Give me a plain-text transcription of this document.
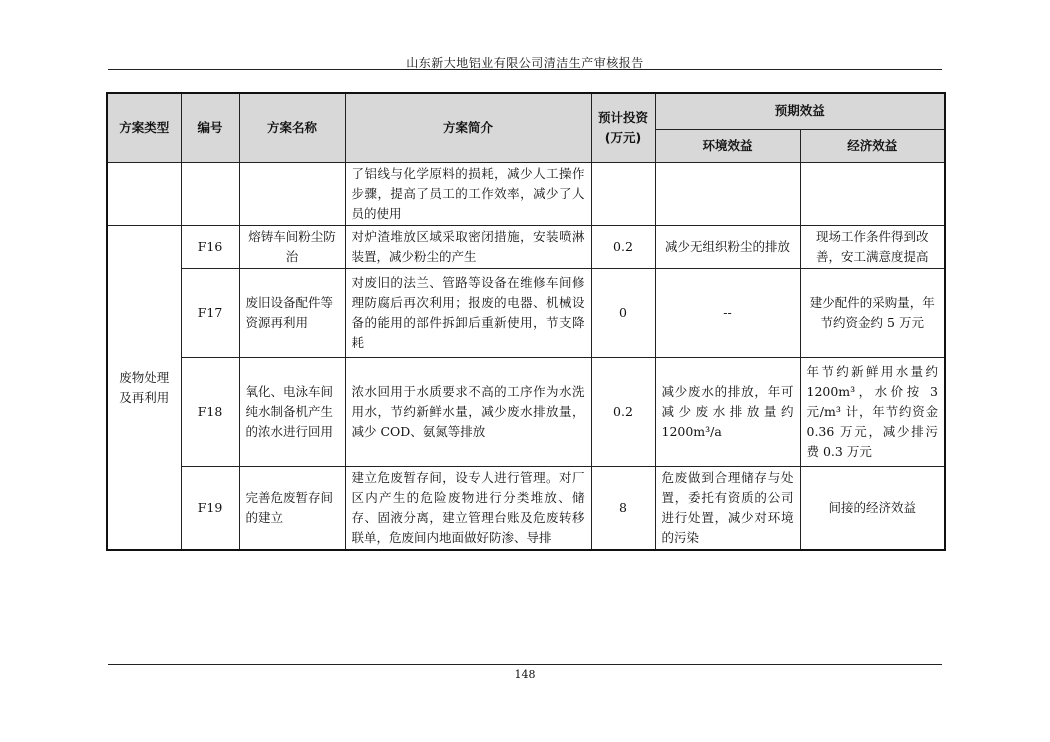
山东新大地铝业有限公司清洁生产审核报告
方案类型	编号	方案名称	方案简介	预计投资(万元)	预期效益	
					环境效益	经济效益
			了铝线与化学原料的损耗，减少人工操作步骤，提高了员工的工作效率，减少了人员的使用			
废物处理及再利用	F16	熔铸车间粉尘防治	对炉渣堆放区域采取密闭措施，安装喷淋装置，减少粉尘的产生	0.2	减少无组织粉尘的排放	现场工作条件得到改善，安工满意度提高
	F17	废旧设备配件等资源再利用	对废旧的法兰、管路等设备在维修车间修理防腐后再次利用；报废的电器、机械设备的能用的部件拆卸后重新使用，节支降耗	0	--	建少配件的采购量，年节约资金约 5 万元
	F18	氧化、电泳车间纯水制备机产生的浓水进行回用	浓水回用于水质要求不高的工序作为水洗用水，节约新鲜水量，减少废水排放量，减少 COD、氨氮等排放	0.2	减少废水的排放，年可减少废水排放量约 1200m³/a	年节约新鲜用水量约 1200m³，水价按 3 元/m³ 计，年节约资金 0.36 万元，减少排污费 0.3 万元
	F19	完善危废暂存间的建立	建立危废暂存间，设专人进行管理。对厂区内产生的危险废物进行分类堆放、储存、固液分离，建立管理台账及危废转移联单，危废间内地面做好防渗、导排	8	危废做到合理储存与处置，委托有资质的公司进行处置，减少对环境的污染	间接的经济效益
148
